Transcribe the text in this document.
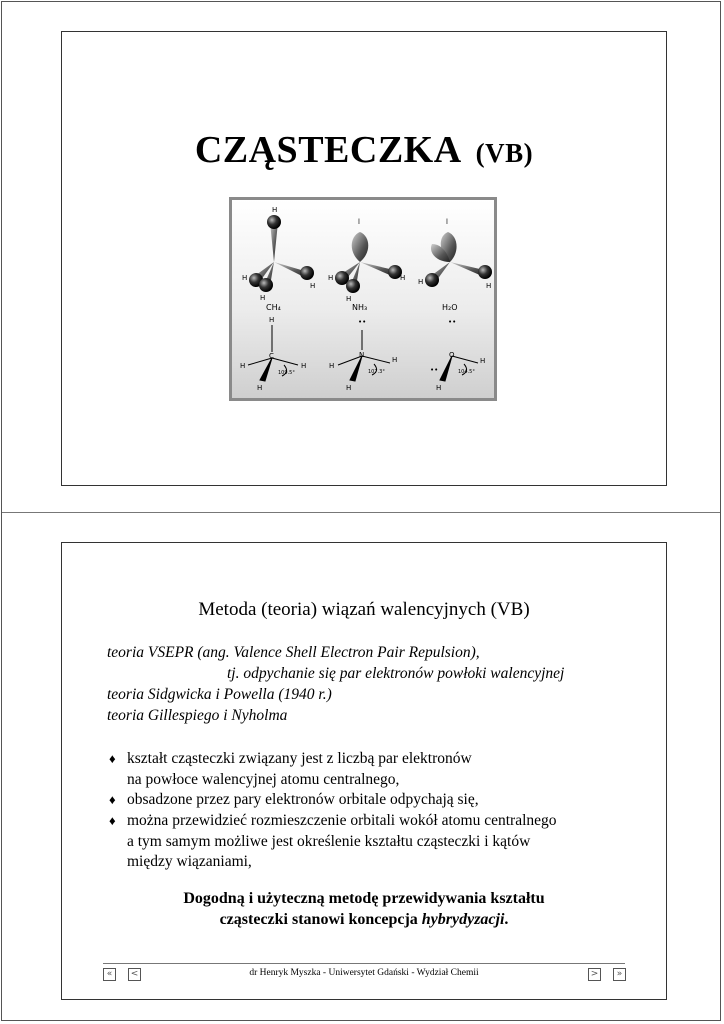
CZĄSTECZKA (VB)
H
H
H
H
l
H
H
H
l
H	H
CH₄	NH₃	H₂O
H
C
H	H
H
109.5°
••
N
H
H
H
107.3°
••
••
O
H
H
104.5°
Metoda (teoria) wiązań walencyjnych (VB)
teoria VSEPR (ang. Valence Shell Electron Pair Repulsion),
tj. odpychanie się par elektronów powłoki walencyjnej
teoria Sidgwicka i Powella (1940 r.)
teoria Gillespiego i Nyholma
♦ kształt cząsteczki związany jest z liczbą par elektronów
na powłoce walencyjnej atomu centralnego,
♦ obsadzone przez pary elektronów orbitale odpychają się,
♦ można przewidzieć rozmieszczenie orbitali wokół atomu centralnego
a tym samym możliwe jest określenie kształtu cząsteczki i kątów
między wiązaniami,
Dogodną i użyteczną metodę przewidywania kształtu
cząsteczki stanowi koncepcja hybrydyzacji.
«	<	dr Henryk Myszka - Uniwersytet Gdański - Wydział Chemii	>	»
